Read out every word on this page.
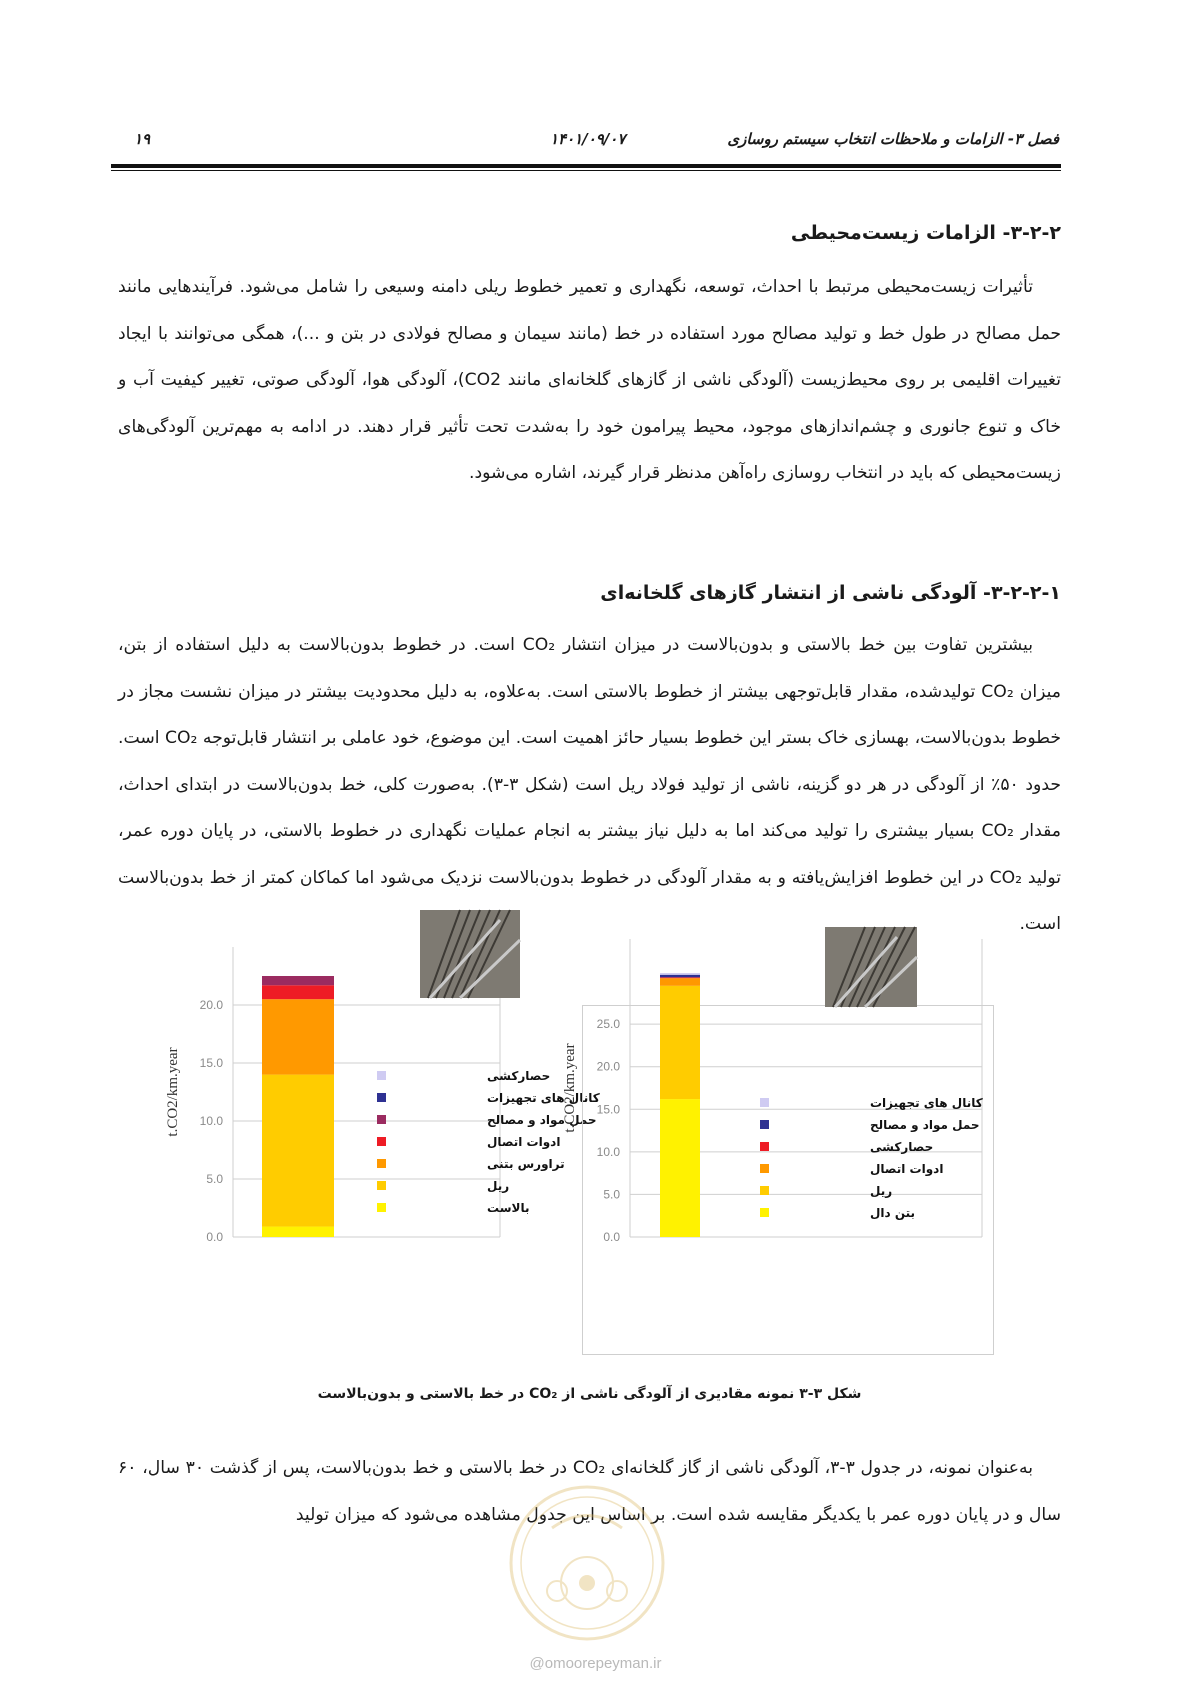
۱۹	۱۴۰۱/۰۹/۰۷	فصل ۳- الزامات و ملاحظات انتخاب سیستم روسازی
۳-۲-۲- الزامات زیست‌محیطی

تأثیرات زیست‌محیطی مرتبط با احداث، توسعه، نگهداری و تعمیر خطوط ریلی دامنه وسیعی را شامل می‌شود. فرآیندهایی مانند حمل مصالح در طول خط و تولید مصالح مورد استفاده در خط (مانند سیمان و مصالح فولادی در بتن و ...)، همگی می‌توانند با ایجاد تغییرات اقلیمی بر روی محیط‌زیست (آلودگی ناشی از گازهای گلخانه‌ای مانند CO2)، آلودگی هوا، آلودگی صوتی، تغییر کیفیت آب و خاک و تنوع جانوری و چشم‌اندازهای موجود، محیط پیرامون خود را به‌شدت تحت تأثیر قرار دهند. در ادامه به مهم‌ترین آلودگی‌های زیست‌محیطی که باید در انتخاب روسازی راه‌آهن مدنظر قرار گیرند، اشاره می‌شود.

۳-۲-۲-۱- آلودگی ناشی از انتشار گازهای گلخانه‌ای

بیشترین تفاوت بین خط بالاستی و بدون‌بالاست در میزان انتشار CO₂ است. در خطوط بدون‌بالاست به دلیل استفاده از بتن، میزان CO₂ تولیدشده، مقدار قابل‌توجهی بیشتر از خطوط بالاستی است. به‌علاوه، به دلیل محدودیت بیشتر در میزان نشست مجاز در خطوط بدون‌بالاست، بهسازی خاک بستر این خطوط بسیار حائز اهمیت است. این موضوع، خود عاملی بر انتشار قابل‌توجه CO₂ است. حدود ۵۰٪ از آلودگی در هر دو گزینه، ناشی از تولید فولاد ریل است (شکل ۳-۳). به‌صورت کلی، خط بدون‌بالاست در ابتدای احداث، مقدار CO₂ بسیار بیشتری را تولید می‌کند اما به دلیل نیاز بیشتر به انجام عملیات نگهداری در خطوط بالاستی، در پایان دوره عمر، تولید CO₂ در این خطوط افزایش‌یافته و به مقدار آلودگی در خطوط بدون‌بالاست نزدیک می‌شود اما کماکان کمتر از خط بدون‌بالاست است.

0.0
5.0
10.0
15.0
20.0
t.CO2/km.year	حصارکشی
کانال های تجهیزات
حمل مواد و مصالح
ادوات اتصال
تراورس بتنی
ریل
بالاست
0.0
5.0
10.0
15.0
20.0
25.0
t.CO2/km.year	کانال های تجهیزات
حمل مواد و مصالح
حصارکشی
ادوات اتصال
ریل
بتن دال
شکل ۳-۳ نمونه مقادیری از آلودگی ناشی از CO₂ در خط بالاستی و بدون‌بالاست

به‌عنوان نمونه، در جدول ۳-۳، آلودگی ناشی از گاز گلخانه‌ای CO₂ در خط بالاستی و خط بدون‌بالاست، پس از گذشت ۳۰ سال، ۶۰ سال و در پایان دوره عمر با یکدیگر مقایسه شده است. بر اساس این جدول مشاهده می‌شود که میزان تولید

@omoorepeyman.ir
